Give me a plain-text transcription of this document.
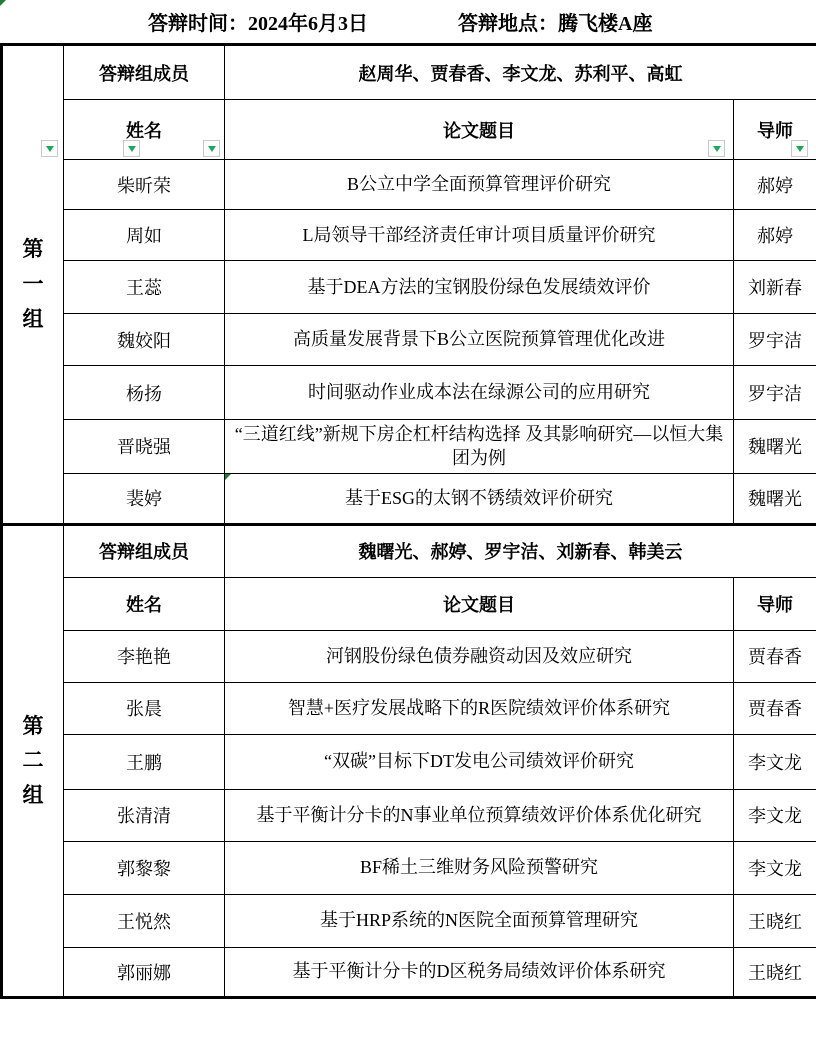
答辩时间：2024年6月3日	答辩地点：腾飞楼A座
第一组	答辩组成员	赵周华、贾春香、李文龙、苏利平、高虹	
	姓名	论文题目	导师
	柴昕荣	B公立中学全面预算管理评价研究	郝婷
	周如	L局领导干部经济责任审计项目质量评价研究	郝婷
	王蕊	基于DEA方法的宝钢股份绿色发展绩效评价	刘新春
	魏姣阳	高质量发展背景下B公立医院预算管理优化改进	罗宇洁
	杨扬	时间驱动作业成本法在绿源公司的应用研究	罗宇洁
	晋晓强	“三道红线”新规下房企杠杆结构选择 及其影响研究—以恒大集团为例	魏曙光
	裴婷	基于ESG的太钢不锈绩效评价研究	魏曙光
第二组	答辩组成员	魏曙光、郝婷、罗宇洁、刘新春、韩美云	
	姓名	论文题目	导师
	李艳艳	河钢股份绿色债券融资动因及效应研究	贾春香
	张晨	智慧+医疗发展战略下的R医院绩效评价体系研究	贾春香
	王鹏	“双碳”目标下DT发电公司绩效评价研究	李文龙
	张清清	基于平衡计分卡的N事业单位预算绩效评价体系优化研究	李文龙
	郭黎黎	BF稀土三维财务风险预警研究	李文龙
	王悦然	基于HRP系统的N医院全面预算管理研究	王晓红
	郭丽娜	基于平衡计分卡的D区税务局绩效评价体系研究	王晓红
